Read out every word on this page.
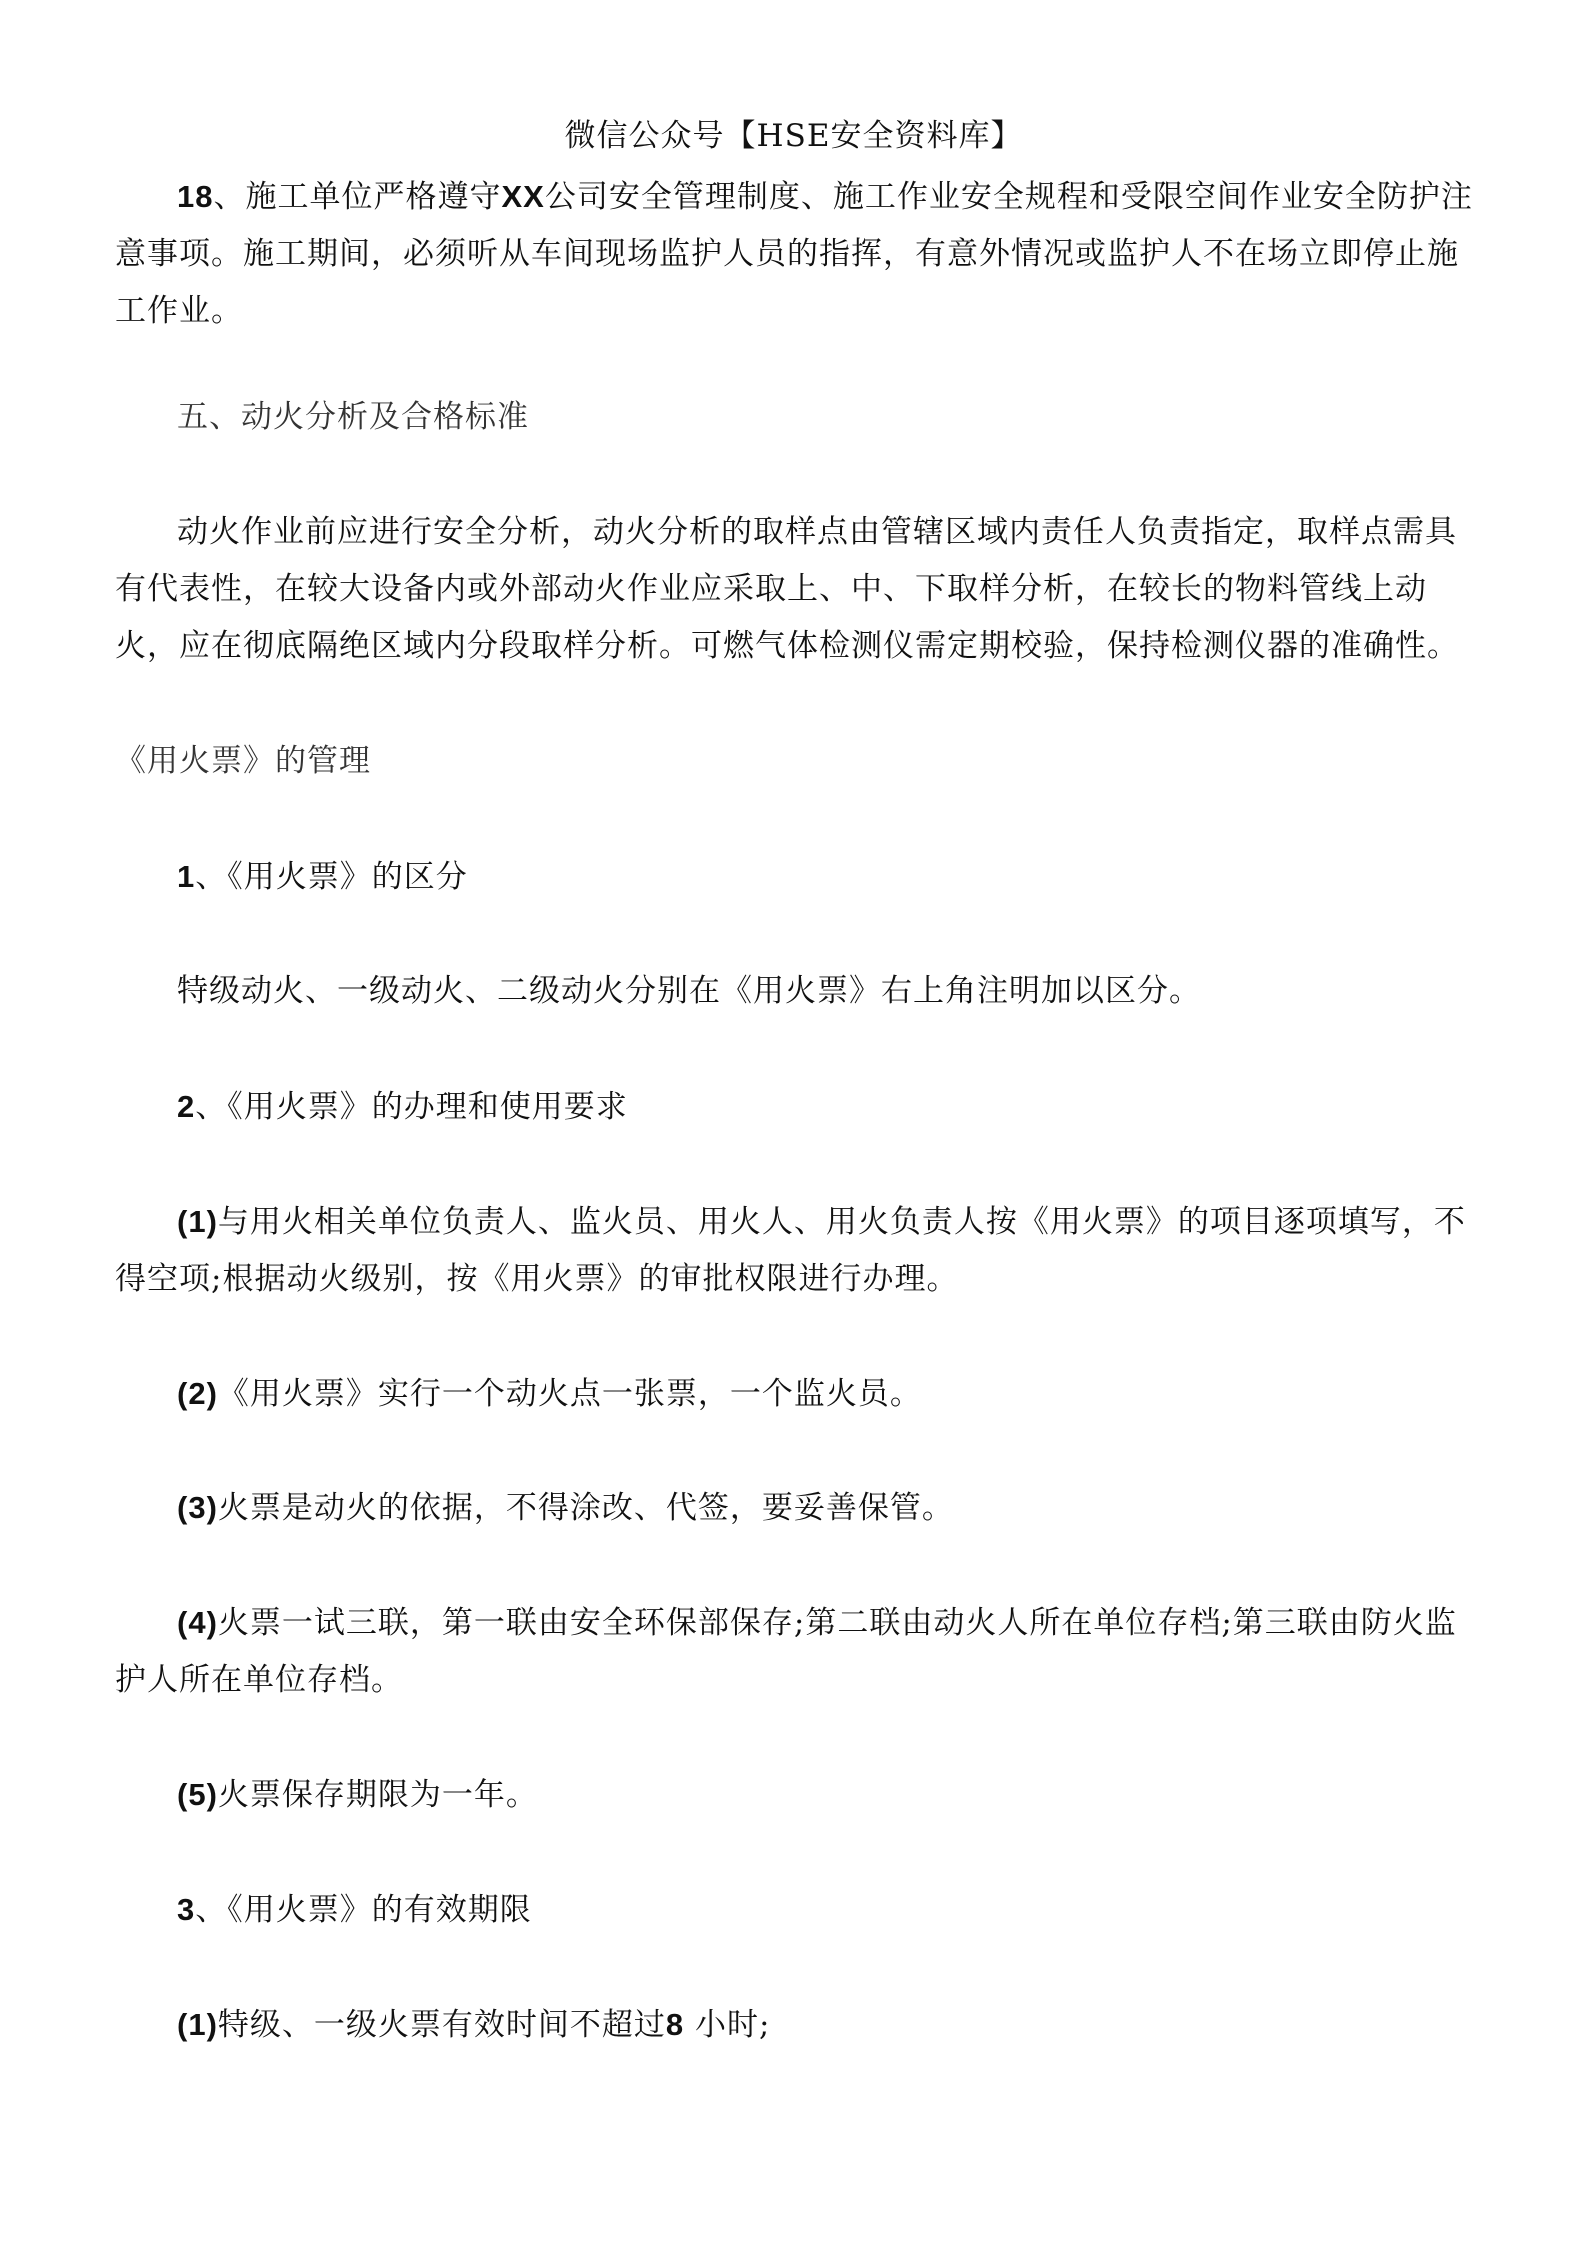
微信公众号【HSE安全资料库】

18、施工单位严格遵守XX公司安全管理制度、施工作业安全规程和受限空间作业安全防护注意事项。施工期间，必须听从车间现场监护人员的指挥，有意外情况或监护人不在场立即停止施工作业。

五、动火分析及合格标准

动火作业前应进行安全分析，动火分析的取样点由管辖区域内责任人负责指定，取样点需具有代表性，在较大设备内或外部动火作业应采取上、中、下取样分析，在较长的物料管线上动火，应在彻底隔绝区域内分段取样分析。可燃气体检测仪需定期校验，保持检测仪器的准确性。

《用火票》的管理

1、《用火票》的区分

特级动火、一级动火、二级动火分别在《用火票》右上角注明加以区分。

2、《用火票》的办理和使用要求

(1)与用火相关单位负责人、监火员、用火人、用火负责人按《用火票》的项目逐项填写，不得空项;根据动火级别，按《用火票》的审批权限进行办理。

(2)《用火票》实行一个动火点一张票，一个监火员。

(3)火票是动火的依据，不得涂改、代签，要妥善保管。

(4)火票一试三联，第一联由安全环保部保存;第二联由动火人所在单位存档;第三联由防火监护人所在单位存档。

(5)火票保存期限为一年。

3、《用火票》的有效期限

(1)特级、一级火票有效时间不超过8 小时;
